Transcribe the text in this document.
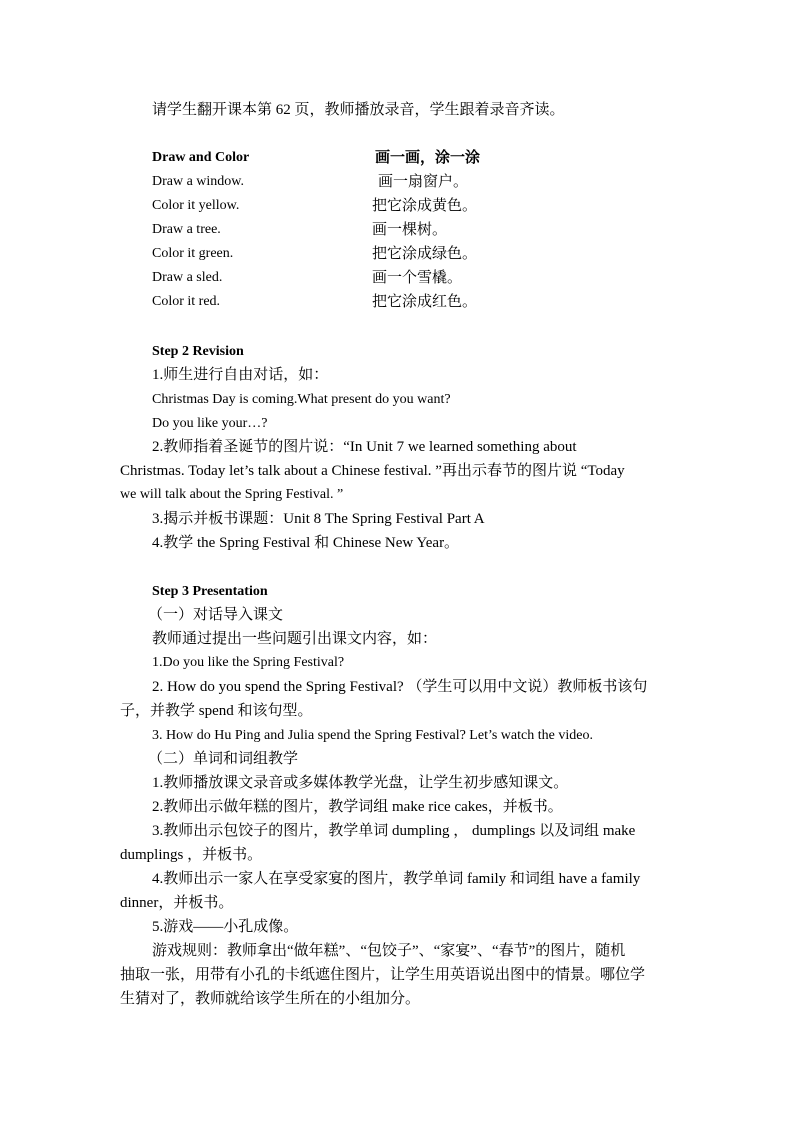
请学生翻开课本第 62 页，教师播放录音，学生跟着录音齐读。
Draw and Color	画一画，涂一涂
Draw a window.	画一扇窗户。
Color it yellow.	把它涂成黄色。
Draw a tree.	画一棵树。
Color it green.	把它涂成绿色。
Draw a sled.	画一个雪橇。
Color it red.	把它涂成红色。
Step 2 Revision
1.师生进行自由对话，如：
Christmas Day is coming.What present do you want?
Do you like your…?
2.教师指着圣诞节的图片说：“In Unit 7 we learned something about
Christmas. Today let’s talk about a Chinese festival. ”再出示春节的图片说 “Today
we will talk about the Spring Festival. ”
3.揭示并板书课题：Unit 8 The Spring Festival Part A
4.教学 the Spring Festival 和 Chinese New Year。
Step 3 Presentation
（一）对话导入课文
教师通过提出一些问题引出课文内容，如：
1.Do you like the Spring Festival?
2. How do you spend the Spring Festival? （学生可以用中文说）教师板书该句
子，并教学 spend 和该句型。
3. How do Hu Ping and Julia spend the Spring Festival? Let’s watch the video.
（二）单词和词组教学
1.教师播放课文录音或多媒体教学光盘，让学生初步感知课文。
2.教师出示做年糕的图片，教学词组 make rice cakes，并板书。
3.教师出示包饺子的图片，教学单词 dumpling ， dumplings 以及词组 make
dumplings ，并板书。
4.教师出示一家人在享受家宴的图片，教学单词 family 和词组 have a family
dinner，并板书。
5.游戏——小孔成像。
游戏规则：教师拿出“做年糕”、“包饺子”、“家宴”、“春节”的图片，随机
抽取一张，用带有小孔的卡纸遮住图片，让学生用英语说出图中的情景。哪位学
生猜对了，教师就给该学生所在的小组加分。
